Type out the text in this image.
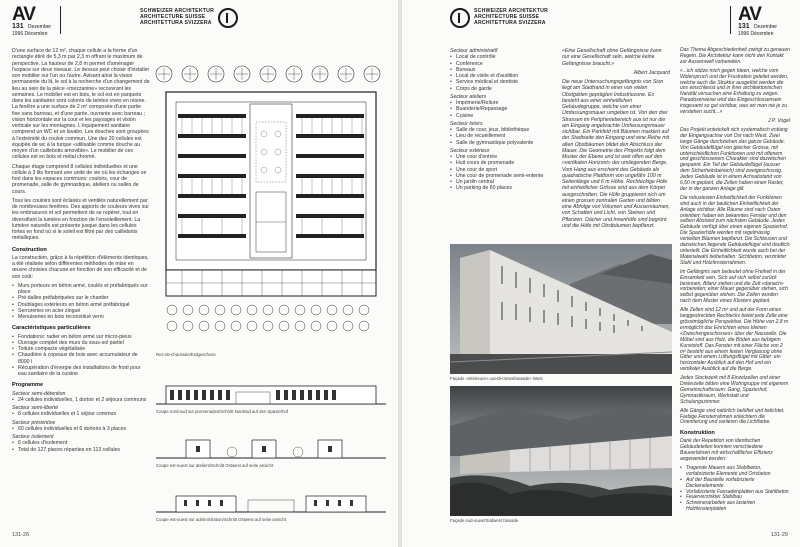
AV
131 Dezember
1996 Décembre
SCHWEIZER ARCHITEKTUR
ARCHITECTURE SUISSE
ARCHITETTURA SVIZZERA

D'une surface de 12 m², chaque cellule a la forme d'un rectangle étiré de 5,3 m par 2,3 m offrant le maximum de perspective. La hauteur de 2,8 m permet d'aménager l'espace sur deux niveaux. Le dessus peut choisir d'installer son mobilier sur l'un ou l'autre. Avisant ainsi la vision permanente du lit, le sol à la recherche d'un changement de lieu au sein de la pièce «mezzanine» recouvrant les semaines. Le mobilier est en bois, le sol est en parquets dans les sanitaires sont colorés de teintes vives en résine. La fenêtre a une surface de 2 m² composée d'une partie fixe sans barreau, et d'une partie, ouvrante avec barreau ; vision horizontale sur la cour et les paysages et vision verticale sur les montagnes. L'équipement sanitaire comprend un WC et un lavabo. Les douches sont groupées à l'extrémité du couloir commun. Une des 20 cellules est équipée de wc à la turque «utilisable comme douche au moyen d'un caillebotis amovible». Le mobilier de ces cellules est en bois et métal chromé.

Chaque étage comprend 8 cellules individuelles et une cellule à 3 lits formant une unité de vie où les échanges se font dans les espaces communs: couloirs, cour de promenade, salle de gymnastique, ateliers ou salles de cours.

Tous les couloirs sont éclairés et ventilés naturellement par de nombreuses fenêtres. Des apports de couleurs vives sur les embrasures et sol permettent de se repérer, tout en diversifiant la lumière en fonction de l'ensoleillement. La lumière naturelle est présente jusque dans les cellules fortes en fond où si le soleil est filtré par des caillebotis métalliques.

Construction

La construction, grâce à la répétition d'éléments identiques, a été réalisée selon différentes méthodes de mise en œuvre choisies chacune en fonction de son efficacité et de son coût:

• Murs porteurs en béton armé, coulés et préfabriqués sur place
• Pré-dalles préfabriquées sur le chantier
• Doublages extérieurs en béton armé préfabriqué
• Serrureries en acier zingué
• Menuiseries en bois reconstitué verni
Caractéristiques particulières
• Fondations: radier en béton armé sur micro-pieux
• Ouvrage complet des murs du sous-sol partiel
• Toiture compacte végétalisée
• Chaudière à copeaux de bois avec accumulateur de 8000 l
• Récupération d'énergie des installations de froid pour eau sanitaire de la cuisine
Programme
Secteur semi-détention
• 24 cellules individuelles, 1 dortoir et 2 séjours communs
Secteur semi-liberté
• 8 cellules individuelles et 1 séjour commun
Secteur préventive
• 60 cellules individuelles et 6 dortoirs à 3 places
Secteur isolement
• 6 cellules d'isolement
• Total de 127 places réparties en 113 cellules
Rez-de-chaussée/Erdgeschoss
Coupe nord-sud sur promenades/Schnitt Nordsüd auf den Spazierhof
Coupe est-ouest sur ateliers/Schnitt Ostwest auf seite ansicht
Coupe est-ouest sur administration/Schnitt Ostwest auf seite ansicht
131-26
SCHWEIZER ARCHITEKTUR
ARCHITECTURE SUISSE
ARCHITETTURA SVIZZERA	AV
131 Dezember
1996 Décembre
Secteur administratif
• Local de contrôle
• Conférence
• Bureaux
• Local de visite et d'audition
• Service médical et dentiste
• Corps de garde
Secteur ateliers
• Imprimerie/Reliure
• Buanderie/Repassage
• Cuisine
Secteur loisirs
• Salle de cour, jeux, bibliothèque
• Lieu de recueillement
• Salle de gymnastique polyvalente
Secteur extérieur
• Une cour d'entrée
• Huit cours de promenade
• Une cour de sport
• Une cour de promenade semi-entente
• Un jardin central
• Un parking de 60 places

«Eine Gesellschaft ohne Gefängnisse kann nur eine Gesellschaft sein, welche keine Gefängnisse braucht.»

Albert Jacquard

Die neue Untersuchungsgefängnis von Sion liegt am Stadtrand in einer von vielen Obstgärten geprägten Industriezone. Es besteht aus einer einheitlichen Gebäudegruppe, welche von einer Umfassungsmauer umgeben ist. Von den drei Strassen im Peripheriebereich aus ist nur die am Eingang angebrachte Umfassungsmauer sichtbar. Ein Parkfeld mit Bäumen markiert auf der Stadtseite den Eingang und eine Reihe mit alten Obstbäumen bildet den Abschluss der Mauer. Die Geometrie des Projekts folgt dem Muster der Ebene und ist weit offen auf den «vertikalen Horizont» der umliegenden Berge. Vom Hang aus erscheint das Gebäude als quadratische Plattform von ungefähr 100 m Seitenlänge und 6 m Höhe. Rechteckige Höfe mit einheitlicher Grösse sind aus dem Körper ausgeschnitten. Die Höfe gruppieren sich um einen grossen zentralen Garten und bilden eine Abfolge von Volumen und Aussenräumen, von Schatten und Licht, von Steinen und Pflanzen. Dächer und Innenhöfe sind begrünt und die Höfe mit Obstbäumen bepflanzt.

Façade «intérieure» ouest/«Innenfassade» West
Façade sud-ouest/Südwest fassade

Das Thema Abgeschiedenheit zwingt zu genauen Regeln. Die Architektur kann nicht den Kontakt zur Aussenwelt vorbereiten.

«...ich stütze mich gegen Ideen, welche vom Widerspruch und der Frustration geleitet werden, welche auch die Struktur ausgelöst werden die uns einschliesst und in ihrer architektonischen Naivität versuchen eine Erhaltung zu zeigen. Paradoxerweise wird das Eingeschlossensein insgesamt so gut sichtbar, was wir man nie je zu verstehen sucht...»

J.P. Vogel

Das Projekt entwickelt sich systematisch entlang der Eingangsachse von Ost nach West. Zwei lange Gänge durchziehen das ganze Gebäude. Von Gebäudeflügel von gleicher Grösse, mit unterschiedlichen Funktionen und mit offenem und geschlossenem Charakter sind dazwischen gespannt. Ein Teil der Gebäudeflügel (ausser dem Sicherheitsbereich) sind zweigeschossig. Jedes Gebäude ist in einem Achsabstand von 6,50 m geplant, die Zellen haben einen Raster, der in der ganzen Anlage gilt.

Die robustesten Einheitlichkeit der Funktionen sind auch in der baulichen Einheitlichkeit der Anlage sichtbar: Alle Räume sind nach Osten orientiert; haben ein bekanntes Fenster und den selben Abstand zum nächsten Gebäude. Jedes Gebäude verfügt über einen eigenen Spazierhof. Die Spazierhöfe werden mit regelmässig verteilten Bäumen bepflanzt. Die Schleusen und dazwischen liegende Gebäudeflügel sind deutlich unterteilt. Die Einheitlichkeit wurde auch bei der Materialwahl beibehalten: Sichtbeton, verzinkter Stahl und Holzfensterrahmen.

Im Gefängnis sein bedeutet ohne Freiheit in der Einsamkeit sein. Sich auf sich selbst zurück besinnen, Bilanz ziehen und die Zeit «danach» vorbereiten; einer Mauer gegenüber stehen, sich selbst gegenüber stehen. Die Zellen wurden nach dem Muster eines Klosters geplant.

Alle Zellen sind 12 m² und auf der Form eines langgestreckten Rechtecks bietet jede Zelle eine grösstmögliche Perspektive. Die Höhe von 2,8 m ermöglicht das Einrichten eines kleinen «Zwischengeschosses» über der Nasszelle. Die Möbel sind aus Holz, die Böden aus farbigem Kunststoff. Das Fenster mit einer Fläche von 2 m² besteht aus einem festen Verglasung ohne Gitter und einem Lüftungsflügel mit Gitter: ein horizontaler Ausblick auf den Hof und ein vertikaler Ausblick auf die Berge.

Jedes Stockwerk mit 8 Einzelzellen und einer Dreierzelle bilden eine Wohngruppe mit eigenem Gemeinschaftsraum: Gang, Spazierhof, Gymnastikraum, Werkstatt und Schulungszimmer.

Alle Gänge sind natürlich belüftet und belichtet. Farbige Fensterrahmen erleichtern die Orientierung und variieren die Lichtfarbe.

Konstruktion

Dank der Repetition von identischen Gebäudeteilen konnten verschiedene Bauverfahren mit wirtschaftlicher Effizienz angewendet werden:

• Tragende Mauern aus Stahlbeton, vorfabrizierte Elemente und Ortsbeton
• Auf der Baustelle vorfabrizierte Deckenelemente
• Vorfabrizierte Fassadenplatten aus Stahlbeton
• Feuerverzinkter Stahlbau
• Schreinerarbeiten aus lasierten Holzfensterplatten
131-29
